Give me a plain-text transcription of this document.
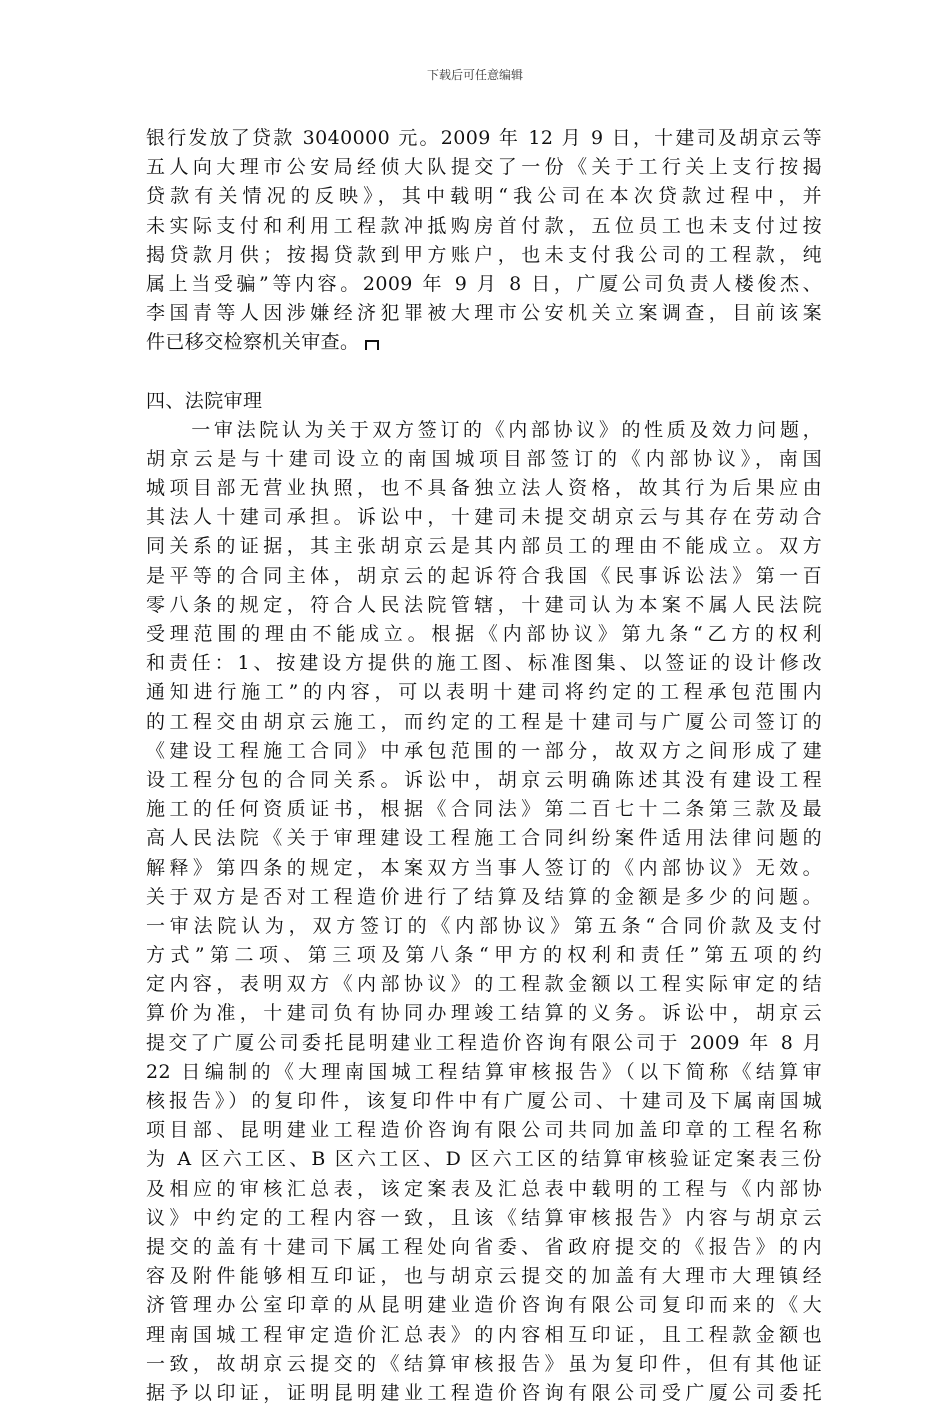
下载后可任意编辑
银行发放了贷款 3040000 元。2009 年 12 月 9 日，十建司及胡京云等
五人向大理市公安局经侦大队提交了一份《关于工行关上支行按揭
贷款有关情况的反映》，其中载明“我公司在本次贷款过程中，并
未实际支付和利用工程款冲抵购房首付款，五位员工也未支付过按
揭贷款月供；按揭贷款到甲方账户，也未支付我公司的工程款，纯
属上当受骗”等内容。2009 年 9 月 8 日，广厦公司负责人楼俊杰、
李国青等人因涉嫌经济犯罪被大理市公安机关立案调查，目前该案
件已移交检察机关审查。
四、法院审理
　　一审法院认为关于双方签订的《内部协议》的性质及效力问题，
胡京云是与十建司设立的南国城项目部签订的《内部协议》，南国
城项目部无营业执照，也不具备独立法人资格，故其行为后果应由
其法人十建司承担。诉讼中，十建司未提交胡京云与其存在劳动合
同关系的证据，其主张胡京云是其内部员工的理由不能成立。双方
是平等的合同主体，胡京云的起诉符合我国《民事诉讼法》第一百
零八条的规定，符合人民法院管辖，十建司认为本案不属人民法院
受理范围的理由不能成立。根据《内部协议》第九条“乙方的权利
和责任：1、按建设方提供的施工图、标准图集、以签证的设计修改
通知进行施工”的内容，可以表明十建司将约定的工程承包范围内
的工程交由胡京云施工，而约定的工程是十建司与广厦公司签订的
《建设工程施工合同》中承包范围的一部分，故双方之间形成了建
设工程分包的合同关系。诉讼中，胡京云明确陈述其没有建设工程
施工的任何资质证书，根据《合同法》第二百七十二条第三款及最
高人民法院《关于审理建设工程施工合同纠纷案件适用法律问题的
解释》第四条的规定，本案双方当事人签订的《内部协议》无效。
关于双方是否对工程造价进行了结算及结算的金额是多少的问题。
一审法院认为，双方签订的《内部协议》第五条“合同价款及支付
方式”第二项、第三项及第八条“甲方的权利和责任”第五项的约
定内容，表明双方《内部协议》的工程款金额以工程实际审定的结
算价为准，十建司负有协同办理竣工结算的义务。诉讼中，胡京云
提交了广厦公司委托昆明建业工程造价咨询有限公司于 2009 年 8 月
22 日编制的《大理南国城工程结算审核报告》（以下简称《结算审
核报告》）的复印件，该复印件中有广厦公司、十建司及下属南国城
项目部、昆明建业工程造价咨询有限公司共同加盖印章的工程名称
为 A 区六工区、B 区六工区、D 区六工区的结算审核验证定案表三份
及相应的审核汇总表，该定案表及汇总表中载明的工程与《内部协
议》中约定的工程内容一致，且该《结算审核报告》内容与胡京云
提交的盖有十建司下属工程处向省委、省政府提交的《报告》的内
容及附件能够相互印证，也与胡京云提交的加盖有大理市大理镇经
济管理办公室印章的从昆明建业造价咨询有限公司复印而来的《大
理南国城工程审定造价汇总表》的内容相互印证，且工程款金额也
一致，故胡京云提交的《结算审核报告》虽为复印件，但有其他证
据予以印证，证明昆明建业工程造价咨询有限公司受广厦公司委托
